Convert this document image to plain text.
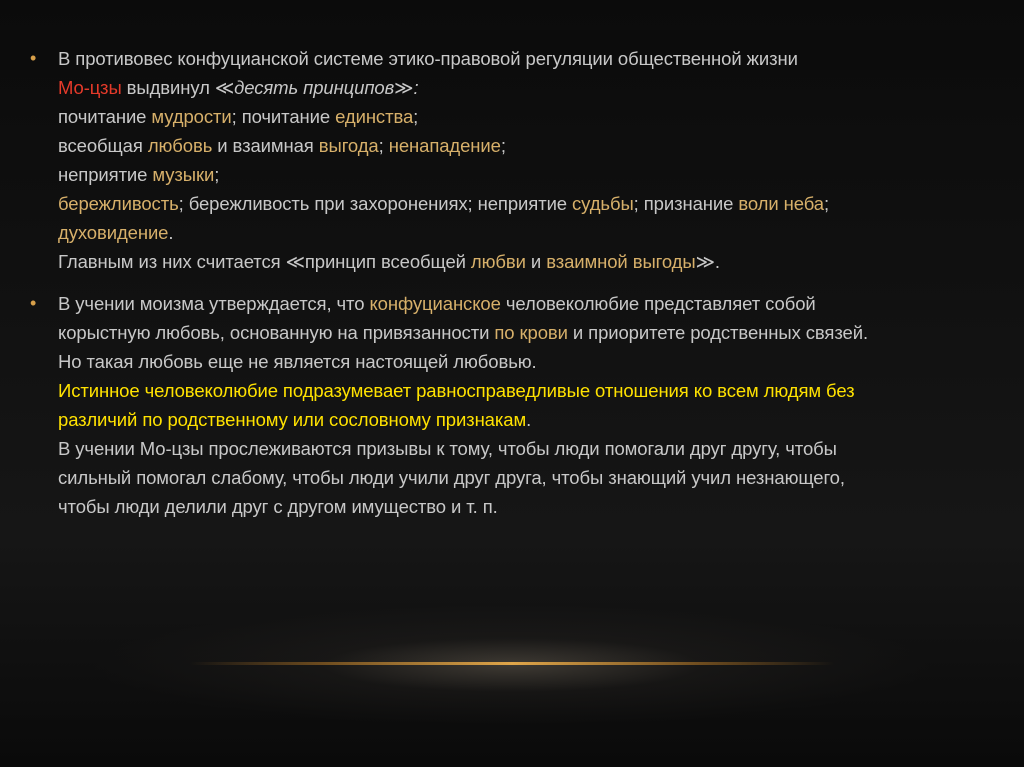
• В противовес конфуцианской системе этико-правовой регуляции общественной жизни
Мо-цзы выдвинул ≪десять принципов≫:
почитание мудрости; почитание единства;
всеобщая любовь и взаимная выгода; ненападение;
неприятие музыки;
бережливость; бережливость при захоронениях; неприятие судьбы; признание воли неба;
духовидение.
Главным из них считается ≪принцип всеобщей любви и взаимной выгоды≫.
• В учении моизма утверждается, что конфуцианское человеколюбие представляет собой
корыстную любовь, основанную на привязанности по крови и приоритете родственных связей.
Но такая любовь еще не является настоящей любовью.
Истинное человеколюбие подразумевает равносправедливые отношения ко всем людям без
различий по родственному или сословному признакам.
В учении Мо-цзы прослеживаются призывы к тому, чтобы люди помогали друг другу, чтобы
сильный помогал слабому, чтобы люди учили друг друга, чтобы знающий учил незнающего,
чтобы люди делили друг с другом имущество и т. п.
